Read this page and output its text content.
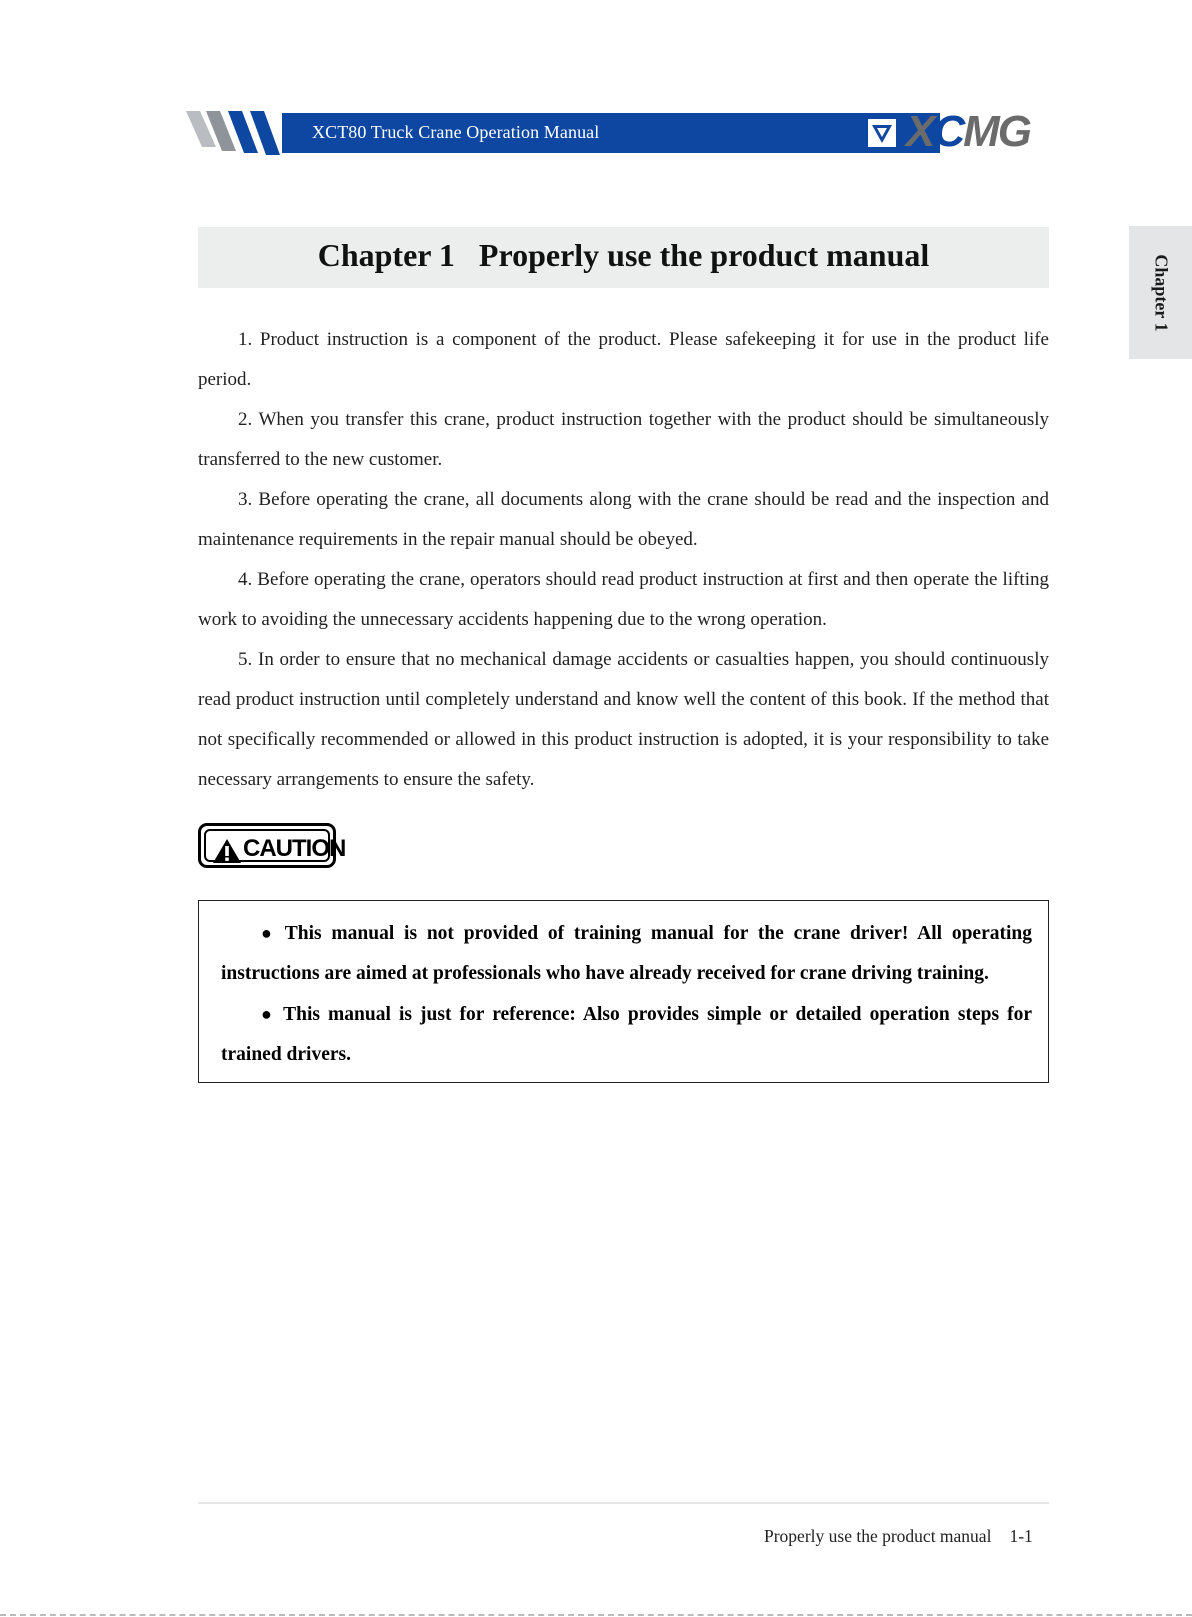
XCT80 Truck Crane Operation Manual	XCMG
Chapter 1
Chapter 1   Properly use the product manual

1. Product instruction is a component of the product. Please safekeeping it for use in the product life period.

2. When you transfer this crane, product instruction together with the product should be simultaneously transferred to the new customer.

3. Before operating the crane, all documents along with the crane should be read and the inspection and maintenance requirements in the repair manual should be obeyed.

4. Before operating the crane, operators should read product instruction at first and then operate the lifting work to avoiding the unnecessary accidents happening due to the wrong operation.

5. In order to ensure that no mechanical damage accidents or casualties happen, you should continuously read product instruction until completely understand and know well the content of this book. If the method that not specifically recommended or allowed in this product instruction is adopted, it is your responsibility to take necessary arrangements to ensure the safety.

CAUTION

● This manual is not provided of training manual for the crane driver! All operating instructions are aimed at professionals who have already received for crane driving training.

● This manual is just for reference: Also provides simple or detailed operation steps for trained drivers.

Properly use the product manual 1-1
